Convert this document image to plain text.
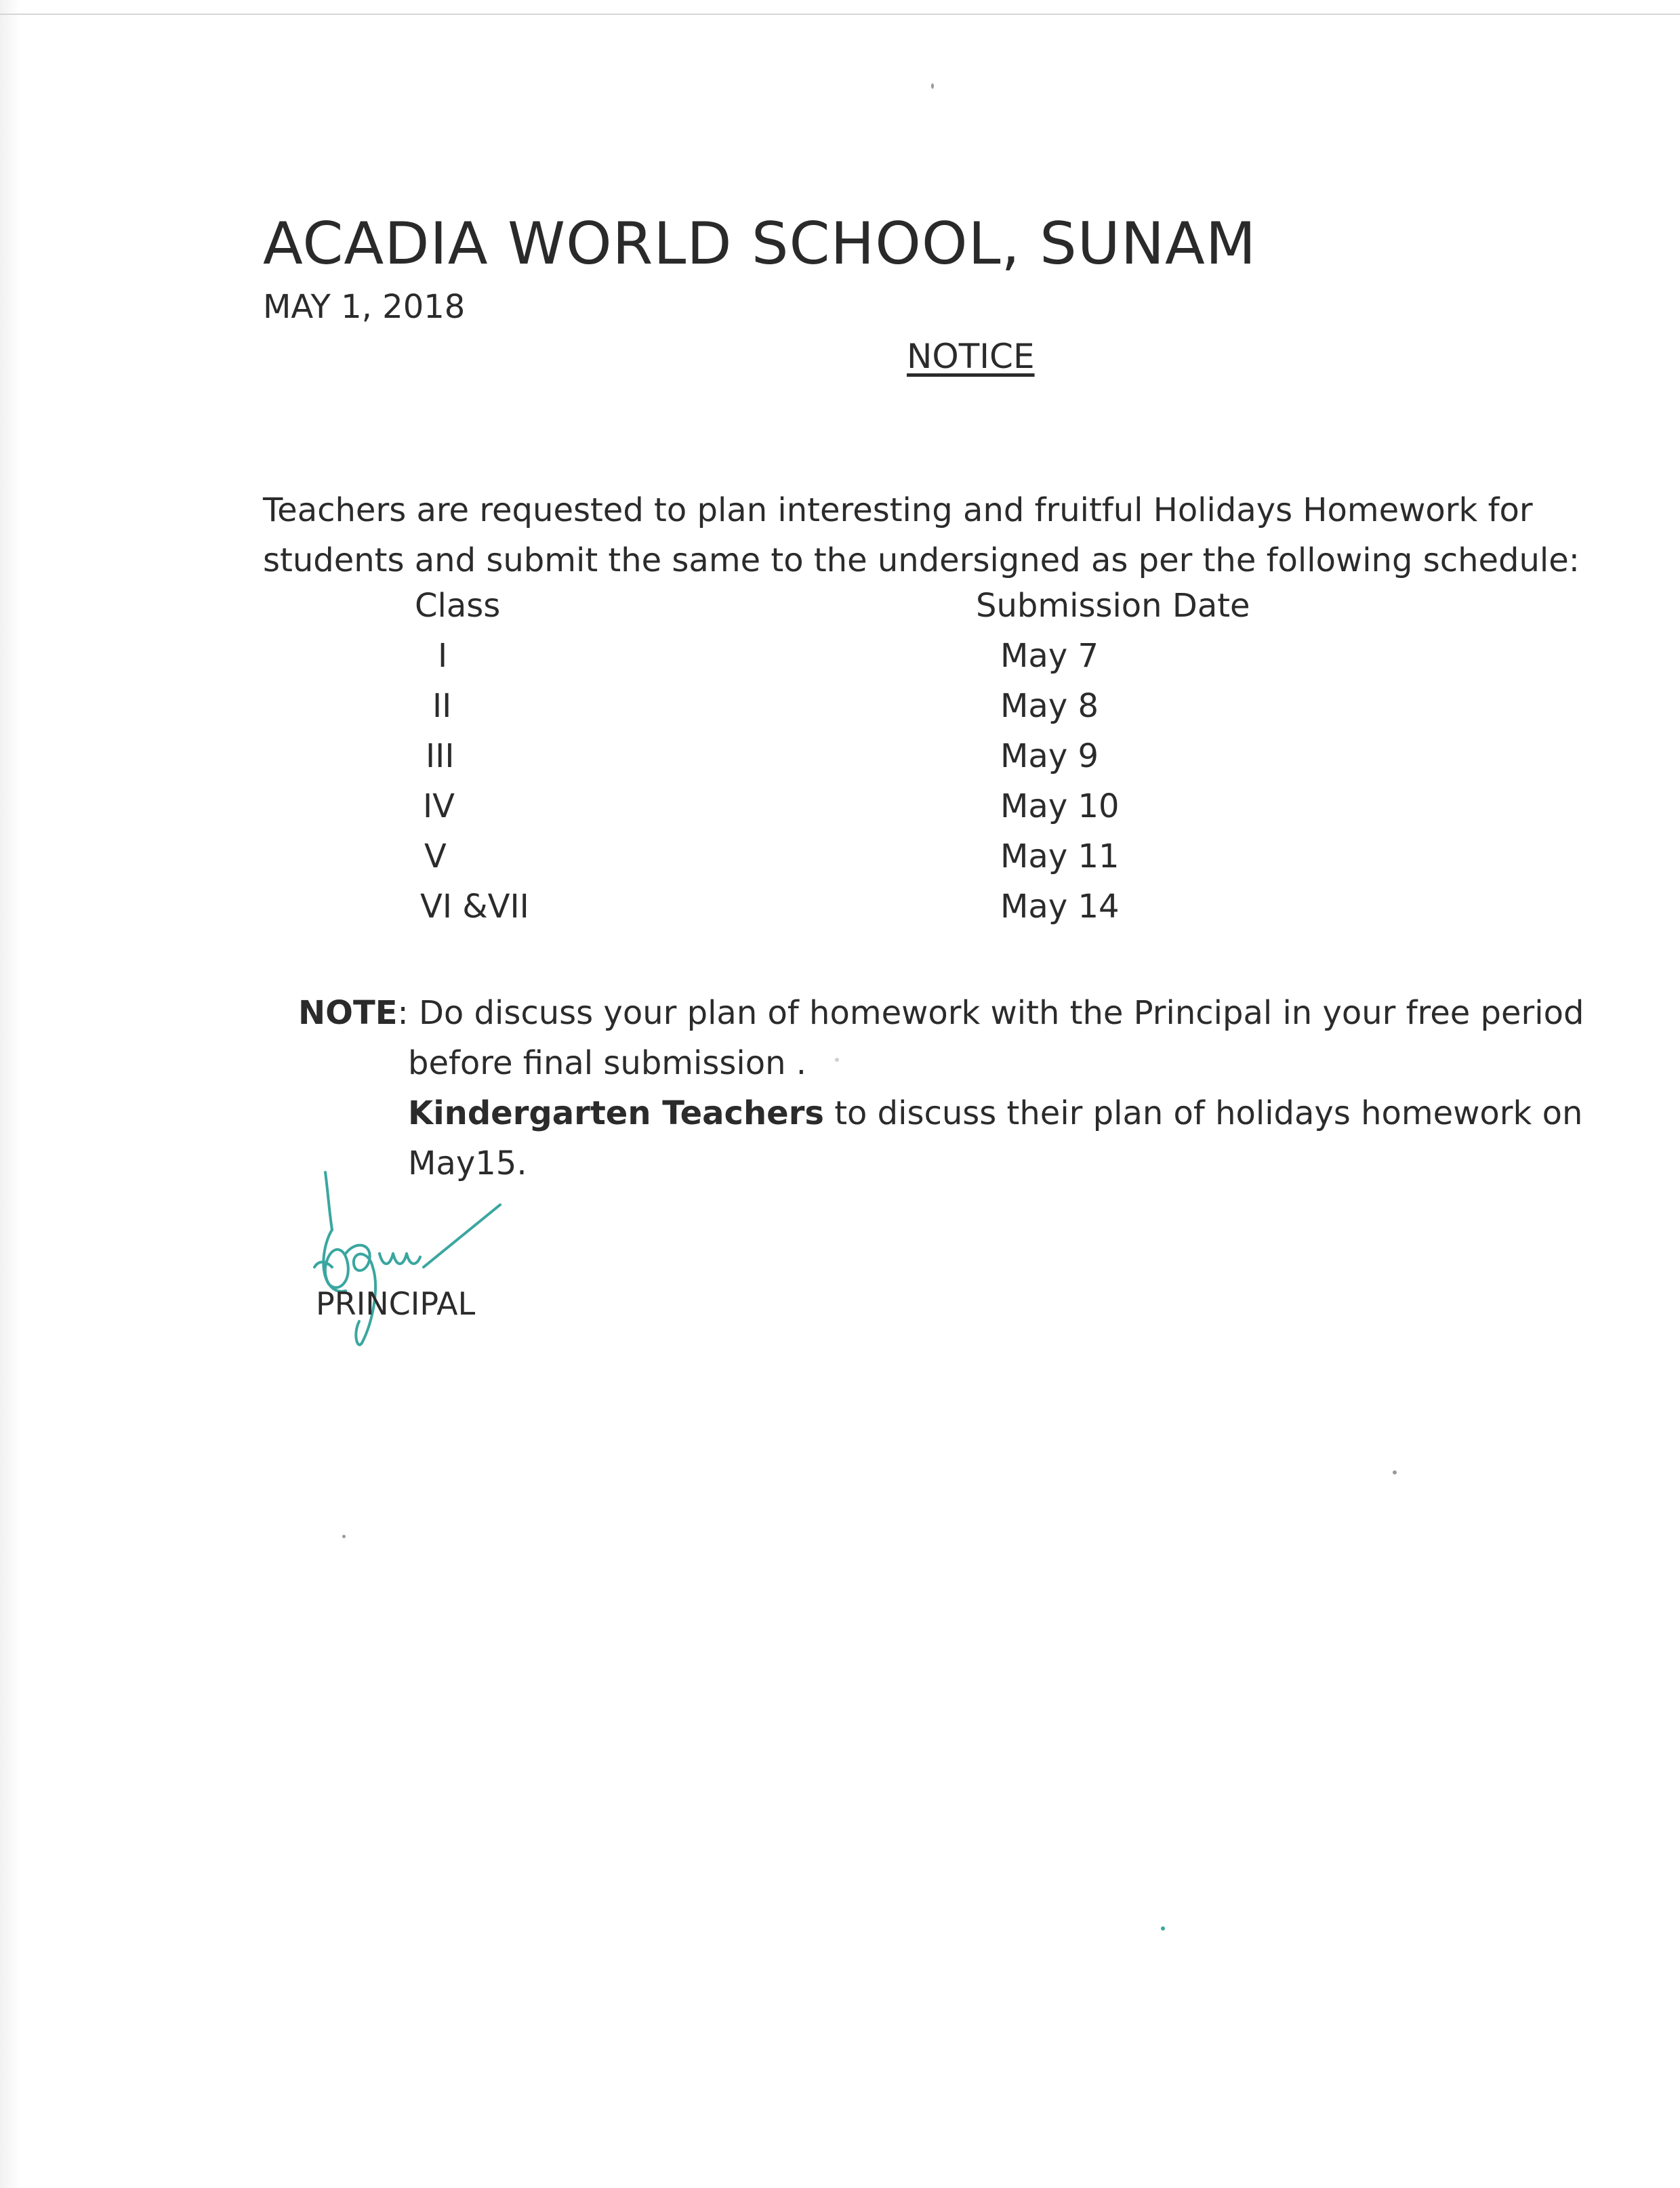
ACADIA WORLD SCHOOL, SUNAM
MAY 1, 2018
NOTICE
Teachers are requested to plan interesting and fruitful Holidays Homework for
students and submit the same to the undersigned as per the following schedule:
Class	Submission Date
I	May 7
II	May 8
III	May 9
IV	May 10
V	May 11
VI &VII	May 14
NOTE: Do discuss your plan of homework with the Principal in your free period
before final submission .
Kindergarten Teachers to discuss their plan of holidays homework on
May15.
PRINCIPAL
